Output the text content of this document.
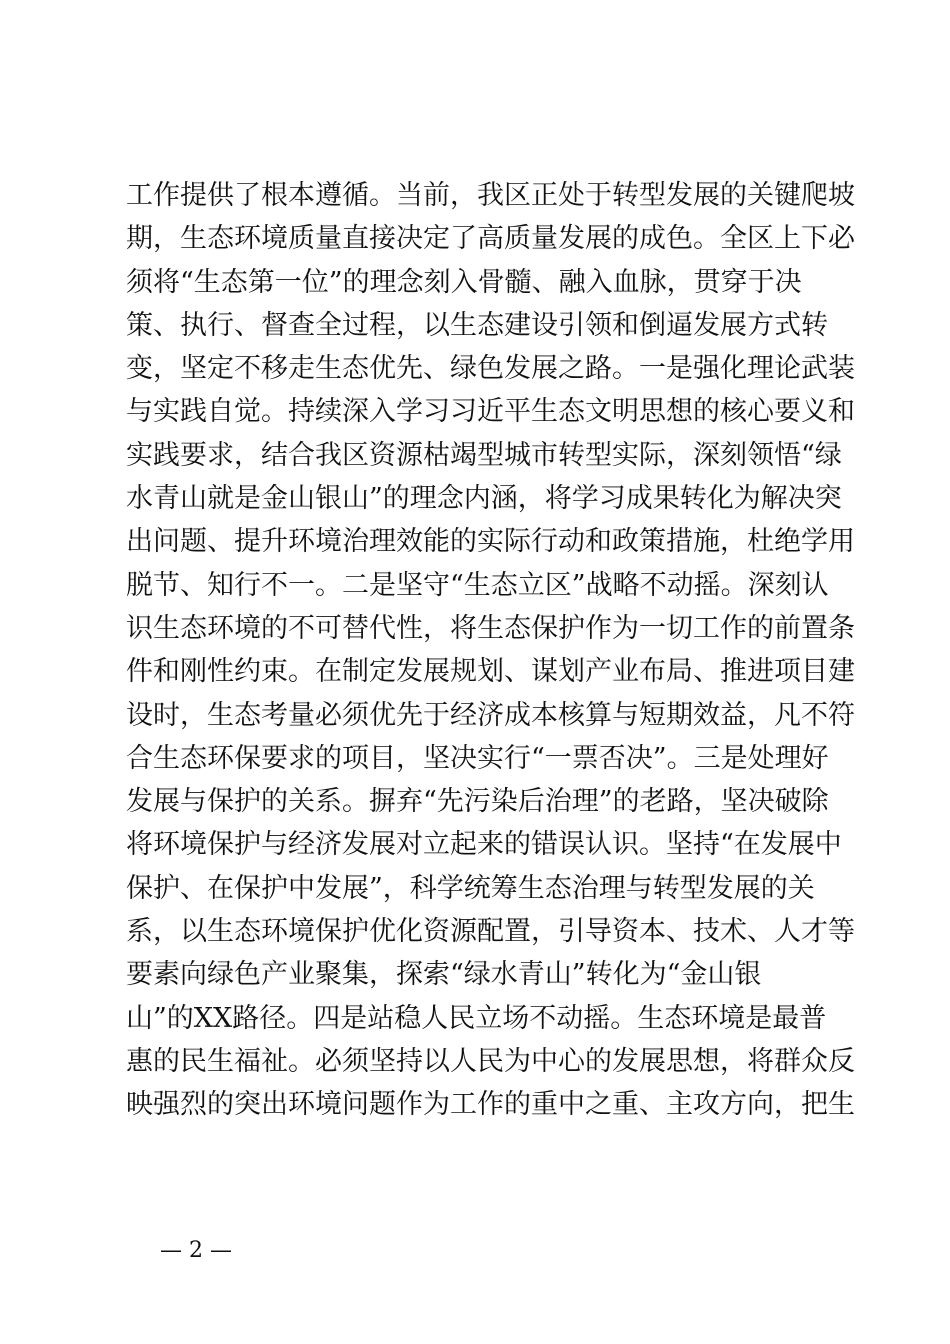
工作提供了根本遵循。当前，我区正处于转型发展的关键爬坡
期，生态环境质量直接决定了高质量发展的成色。全区上下必
须将“生态第一位”的理念刻入骨髓、融入血脉，贯穿于决
策、执行、督查全过程，以生态建设引领和倒逼发展方式转
变，坚定不移走生态优先、绿色发展之路。一是强化理论武装
与实践自觉。持续深入学习习近平生态文明思想的核心要义和
实践要求，结合我区资源枯竭型城市转型实际，深刻领悟“绿
水青山就是金山银山”的理念内涵，将学习成果转化为解决突
出问题、提升环境治理效能的实际行动和政策措施，杜绝学用
脱节、知行不一。二是坚守“生态立区”战略不动摇。深刻认
识生态环境的不可替代性，将生态保护作为一切工作的前置条
件和刚性约束。在制定发展规划、谋划产业布局、推进项目建
设时，生态考量必须优先于经济成本核算与短期效益，凡不符
合生态环保要求的项目，坚决实行“一票否决”。三是处理好
发展与保护的关系。摒弃“先污染后治理”的老路，坚决破除
将环境保护与经济发展对立起来的错误认识。坚持“在发展中
保护、在保护中发展”，科学统筹生态治理与转型发展的关
系，以生态环境保护优化资源配置，引导资本、技术、人才等
要素向绿色产业聚集，探索“绿水青山”转化为“金山银
山”的XX路径。四是站稳人民立场不动摇。生态环境是最普
惠的民生福祉。必须坚持以人民为中心的发展思想，将群众反
映强烈的突出环境问题作为工作的重中之重、主攻方向，把生
— 2 —
